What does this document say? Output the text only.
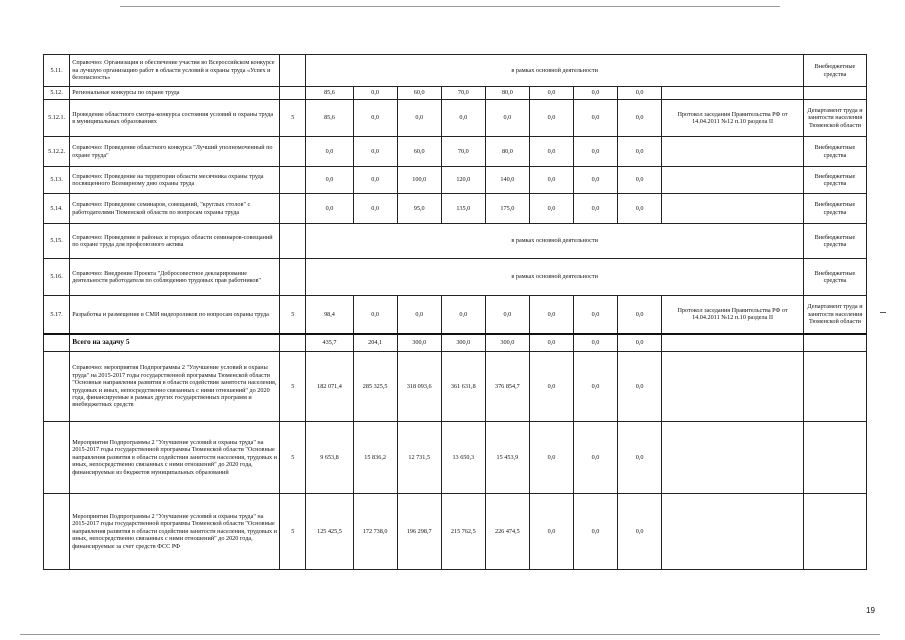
5.11.	Справочно: Организация и обеспечение участия во Всероссийском конкурсе на лучшую организацию работ в области условий и охраны труда «Успех и безопасность»		в рамках основной деятельности									Внебюджетные средства
5.12.	Региональные конкурсы по охране труда		85,6	0,0	60,0	70,0	80,0	0,0	0,0	0,0		
5.12.1.	Проведение областного смотра-конкурса состояния условий и охраны труда в муниципальных образованиях	5	85,6	0,0	0,0	0,0	0,0	0,0	0,0	0,0	Протокол заседания Правительства РФ от 14.04.2011 №12 п.10 раздела II	Департамент труда и занятости населения Тюменской области
5.12.2.	Справочно: Проведение областного конкурса "Лучший уполномоченный по охране труда"		0,0	0,0	60,0	70,0	80,0	0,0	0,0	0,0		Внебюджетные средства
5.13.	Справочно: Проведение на территории области месячника охраны труда посвященного Всемирному дню охраны труда		0,0	0,0	100,0	120,0	140,0	0,0	0,0	0,0		Внебюджетные средства
5.14.	Справочно: Проведение семинаров, совещаний, "круглых столов" с работодателями Тюменской области по вопросам охраны труда		0,0	0,0	95,0	135,0	175,0	0,0	0,0	0,0		Внебюджетные средства
5.15.	Справочно: Проведение в районах и городах области семинаров-совещаний по охране труда для профсоюзного актива		в рамках основной деятельности									Внебюджетные средства
5.16.	Справочно: Внедрение Проекта "Добросовестное декларирование деятельности работодателя по соблюдению трудовых прав работников"		в рамках основной деятельности									Внебюджетные средства
5.17.	Разработка и размещение в СМИ видеороликов по вопросам охраны труда	5	98,4	0,0	0,0	0,0	0,0	0,0	0,0	0,0	Протокол заседания Правительства РФ от 14.04.2011 №12 п.10 раздела II	Департамент труда и занятости населения Тюменской области
	Всего на задачу 5		435,7	204,1	300,0	300,0	300,0	0,0	0,0	0,0		
	Справочно: мероприятия Подпрограммы 2 "Улучшение условий и охраны труда" на 2015-2017 годы государственной программы Тюменской области "Основные направления развития в области содействия занятости населения, трудовых и иных, непосредственно связанных с ними отношений" до 2020 года, финансируемые в рамках других государственных программ и внебюджетных средств	5	182 071,4	285 325,5	318 093,6	361 631,8	376 854,7	0,0	0,0	0,0		
	Мероприятия Подпрограммы 2 "Улучшение условий и охраны труда" на 2015-2017 годы государственной программы Тюменской области "Основные направления развития в области содействия занятости населения, трудовых и иных, непосредственно связанных с ними отношений" до 2020 года, финансируемые из бюджетов муниципальных образований	5	9 653,8	15 836,2	12 731,5	13 650,3	15 453,9	0,0	0,0	0,0		
	Мероприятия Подпрограммы 2 "Улучшение условий и охраны труда" на 2015-2017 годы государственной программы Тюменской области "Основные направления развития в области содействия занятости населения, трудовых и иных, непосредственно связанных с ними отношений" до 2020 года, финансируемые за счет средств ФСС РФ	5	125 425,5	172 738,0	196 298,7	215 762,5	226 474,5	0,0	0,0	0,0		
19
